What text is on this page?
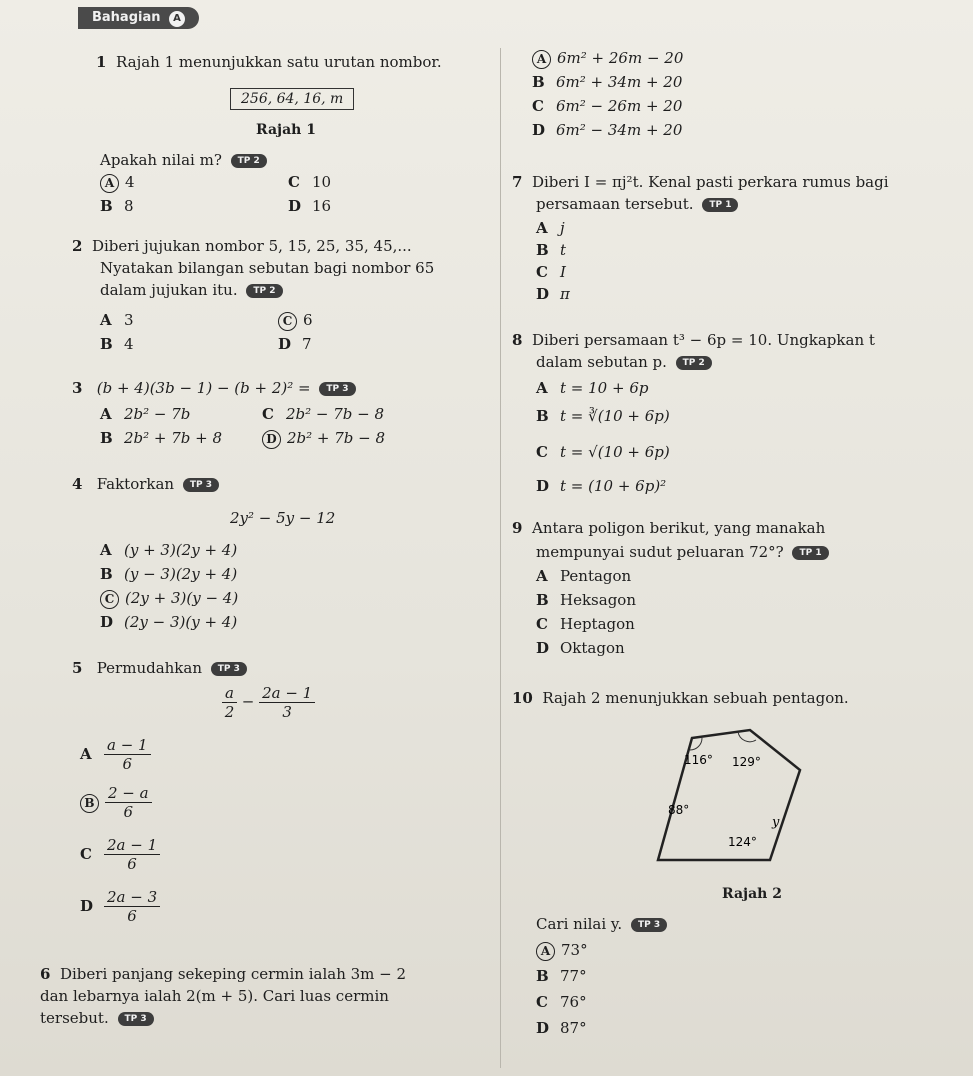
Bahagian A
1 Rajah 1 menunjukkan satu urutan nombor.
256, 64, 16, m
Rajah 1
Apakah nilai m? TP 2
A 4
B 8
C 10
D 16
2 Diberi jujukan nombor 5, 15, 25, 35, 45,...
Nyatakan bilangan sebutan bagi nombor 65
dalam jujukan itu. TP 2
A 3
B 4
C 6
D 7
3 (b + 4)(3b − 1) − (b + 2)² = TP 3
A 2b² − 7b
B 2b² + 7b + 8
C 2b² − 7b − 8
D 2b² + 7b − 8
4 Faktorkan TP 3
2y² − 5y − 12
A (y + 3)(2y + 4)
B (y − 3)(2y + 4)
C (2y + 3)(y − 4)
D (2y − 3)(y + 4)
5 Permudahkan TP 3
$\frac{a}{2} - \frac{2a - 1}{3}$
A $\frac{a - 1}{6}$
B $\frac{2 - a}{6}$
C $\frac{2a - 1}{6}$
D $\frac{2a - 3}{6}$
6 Diberi panjang sekeping cermin ialah 3m − 2
dan lebarnya ialah 2(m + 5). Cari luas cermin
tersebut. TP 3
A 6m² + 26m − 20
B 6m² + 34m + 20
C 6m² − 26m + 20
D 6m² − 34m + 20
7 Diberi I = πj²t. Kenal pasti perkara rumus bagi
persamaan tersebut. TP 1
A j
B t
C I
D π
8 Diberi persamaan t³ − 6p = 10. Ungkapkan t
dalam sebutan p. TP 2
A t = 10 + 6p
B t = ∛(10 + 6p)
C t = √(10 + 6p)
D t = (10 + 6p)²
9 Antara poligon berikut, yang manakah
mempunyai sudut peluaran 72°? TP 1
A Pentagon
B Heksagon
C Heptagon
D Oktagon
10 Rajah 2 menunjukkan sebuah pentagon.
116° 129°
88°
y
124°
Rajah 2
Cari nilai y. TP 3
A 73°
B 77°
C 76°
D 87°
